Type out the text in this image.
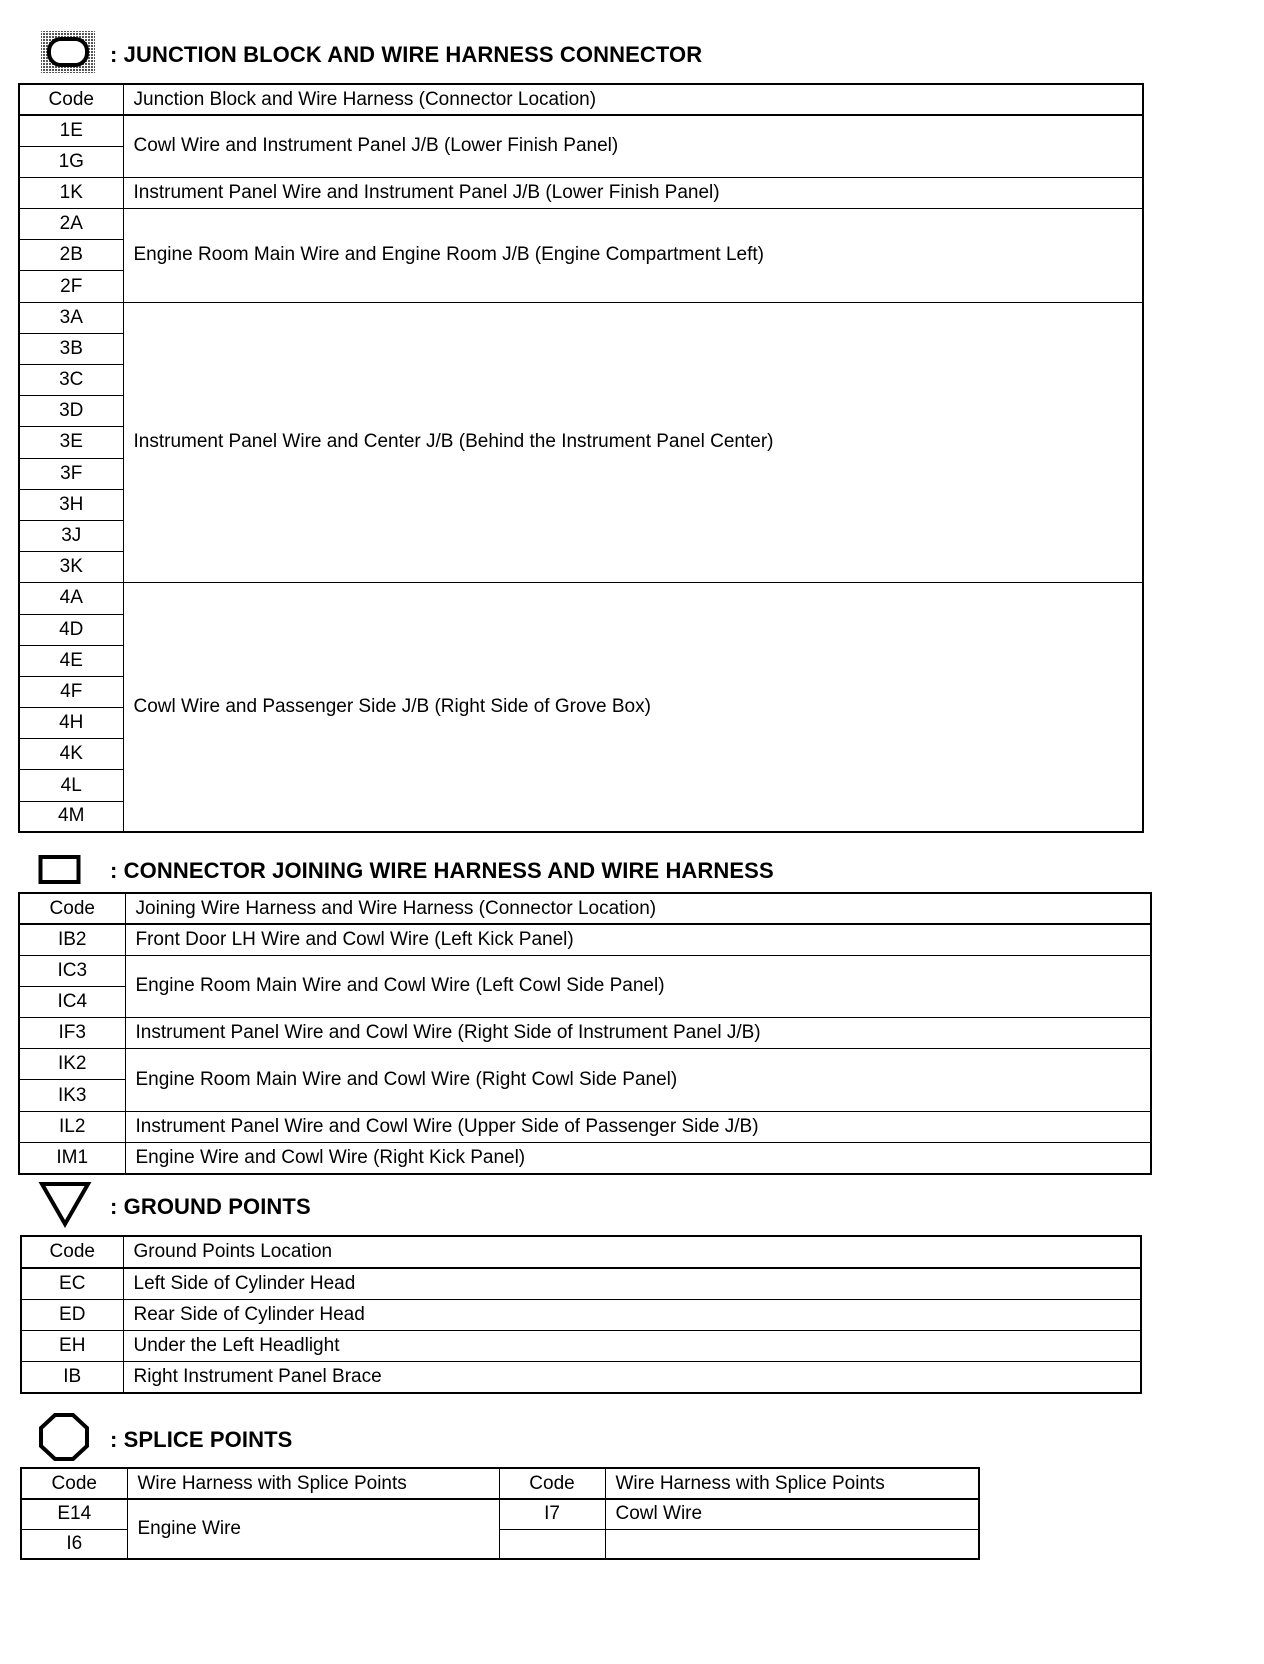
: JUNCTION BLOCK AND WIRE HARNESS CONNECTOR
Code	Junction Block and Wire Harness (Connector Location)
1E	Cowl Wire and Instrument Panel J/B (Lower Finish Panel)
1G	
1K	Instrument Panel Wire and Instrument Panel J/B (Lower Finish Panel)
2A	Engine Room Main Wire and Engine Room J/B (Engine Compartment Left)
2B	
2F	
3A	Instrument Panel Wire and Center J/B (Behind the Instrument Panel Center)
3B	
3C	
3D	
3E	
3F	
3H	
3J	
3K	
4A	Cowl Wire and Passenger Side J/B (Right Side of Grove Box)
4D	
4E	
4F	
4H	
4K	
4L	
4M	
: CONNECTOR JOINING WIRE HARNESS AND WIRE HARNESS
Code	Joining Wire Harness and Wire Harness (Connector Location)
IB2	Front Door LH Wire and Cowl Wire (Left Kick Panel)
IC3	Engine Room Main Wire and Cowl Wire (Left Cowl Side Panel)
IC4	
IF3	Instrument Panel Wire and Cowl Wire (Right Side of Instrument Panel J/B)
IK2	Engine Room Main Wire and Cowl Wire (Right Cowl Side Panel)
IK3	
IL2	Instrument Panel Wire and Cowl Wire (Upper Side of Passenger Side J/B)
IM1	Engine Wire and Cowl Wire (Right Kick Panel)
: GROUND POINTS
Code	Ground Points Location
EC	Left Side of Cylinder Head
ED	Rear Side of Cylinder Head
EH	Under the Left Headlight
IB	Right Instrument Panel Brace
: SPLICE POINTS
Code	Wire Harness with Splice Points	Code	Wire Harness with Splice Points
E14	Engine Wire	I7	Cowl Wire
I6			
